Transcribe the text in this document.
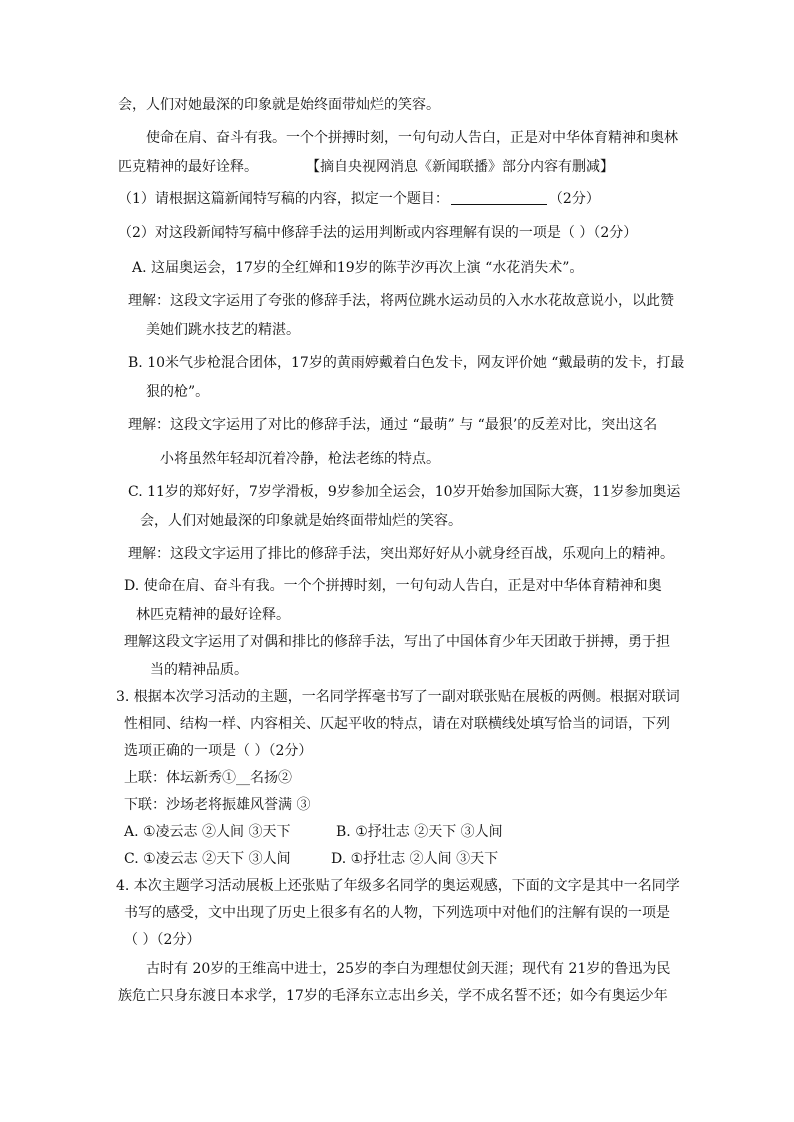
会，人们对她最深的印象就是始终面带灿烂的笑容。
使命在肩、奋斗有我。一个个拼搏时刻，一句句动人告白，正是对中华体育精神和奥林
匹克精神的最好诠释。	【摘自央视网消息《新闻联播》部分内容有删减】
（1）请根据这篇新闻特写稿的内容，拟定一个题目：	（2分）
（2）对这段新闻特写稿中修辞手法的运用判断或内容理解有误的一项是（ ）（2分）
A. 这届奥运会，17岁的全红婵和19岁的陈芋汐再次上演 “水花消失术”。
理解：这段文字运用了夸张的修辞手法，将两位跳水运动员的入水水花故意说小，以此赞
美她们跳水技艺的精湛。
B. 10米气步枪混合团体，17岁的黄雨婷戴着白色发卡，网友评价她 “戴最萌的发卡，打最
狠的枪”。
理解：这段文字运用了对比的修辞手法，通过 “最萌” 与 “最狠’的反差对比，突出这名
小将虽然年轻却沉着冷静，枪法老练的特点。
C. 11岁的郑好好，7岁学滑板，9岁参加全运会，10岁开始参加国际大赛，11岁参加奥运
会，人们对她最深的印象就是始终面带灿烂的笑容。
理解：这段文字运用了排比的修辞手法，突出郑好好从小就身经百战，乐观向上的精神。
D. 使命在肩、奋斗有我。一个个拼搏时刻，一句句动人告白，正是对中华体育精神和奥
林匹克精神的最好诠释。
理解这段文字运用了对偶和排比的修辞手法，写出了中国体育少年天团敢于拼搏，勇于担
当的精神品质。
3. 根据本次学习活动的主题，一名同学挥毫书写了一副对联张贴在展板的两侧。根据对联词
性相同、结构一样、内容相关、仄起平收的特点，请在对联横线处填写恰当的词语，下列
选项正确的一项是（ ）（2分）
上联：体坛新秀①__名扬②
下联：沙场老将振雄风誉满 ③
A. ①凌云志 ②人间 ③天下	B. ①抒壮志 ②天下 ③人间
C. ①凌云志 ②天下 ③人间	D. ①抒壮志 ②人间 ③天下
4. 本次主题学习活动展板上还张贴了年级多名同学的奥运观感，下面的文字是其中一名同学
书写的感受，文中出现了历史上很多有名的人物，下列选项中对他们的注解有误的一项是
（ ）（2分）
古时有 20岁的王维高中进士，25岁的李白为理想仗剑天涯；现代有 21岁的鲁迅为民
族危亡只身东渡日本求学，17岁的毛泽东立志出乡关，学不成名誓不还；如今有奥运少年
